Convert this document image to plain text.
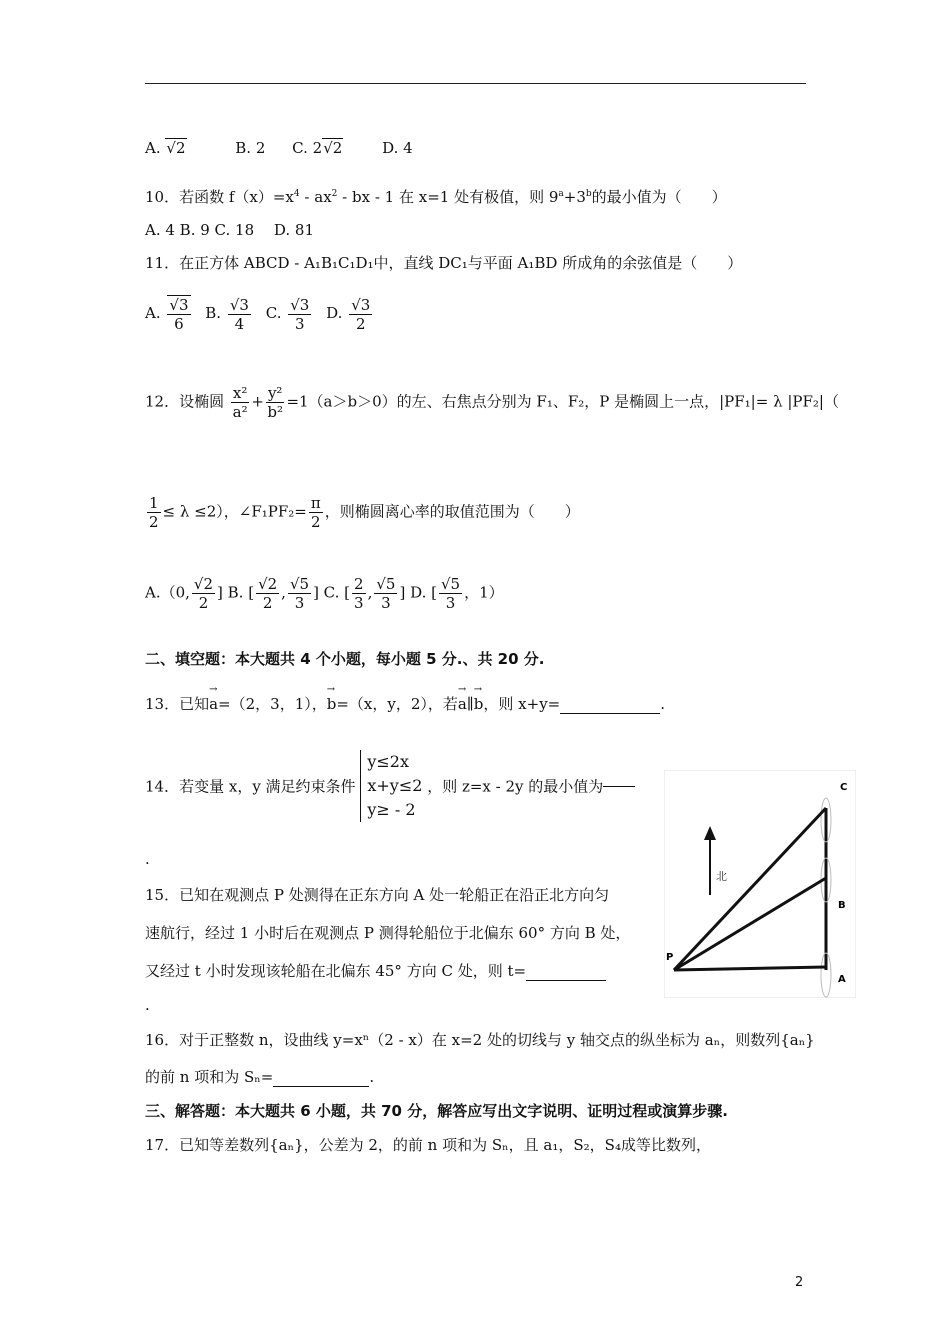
A. √2	B. 2 C. 2√2	D. 4
10．若函数 $f(x)=x^4 - ax^2$ - bx - 1 在 x=1 处有极值，则 $9^a+3^b$的最小值为（　　）
A. 4 B. 9 C. 18　 D. 81
11．在正方体 ABCD - A₁B₁C₁D₁中，直线 DC₁与平面 A₁BD 所成角的余弦值是（　　）
A. $\frac{√3}{6} B$. $\frac{√3}{4} C$. $\frac{√3}{3} D$. $\frac{√3}{2}$
12．设椭圆 $\frac{\text{x²}}{\text{a²}} + \frac{\text{y²}}{\text{b²}} =1(a>b>0)$的左、右焦点分别为 F₁、F₂，P 是椭圆上一点，|PF₁|= λ |PF₂|（
$\frac{1}{2} \le \lambda \le 2$），∠F₁PF₂= $\frac{\pi}{2}$ ，则椭圆离心率的取值范围为（　　）
A.（0, $\frac{√2}{2}$ ] B. [ $\frac{√2}{2}$ , $\frac{√5}{3}$ ] C. [ $\frac{2}{3}$ , $\frac{√5}{3}$ ] D. [ $\frac{√5}{3}$ ，1）
二、填空题：本大题共 4 个小题，每小题 5 分.、共 20 分.
13．已知→ a=（2，3，1），→ b=（x，y，2），若→ a∥→ b，则 x+y=	.
14．若变量 x，y 满足约束条件
y≤2x
x+y≤2
y≥ - 2
，则 z=x - 2y 的最小值为
.
15．已知在观测点 P 处测得在正东方向 A 处一轮船正在沿正北方向匀
速航行，经过 1 小时后在观测点 P 测得轮船位于北偏东 60° 方向 B 处，
又经过 t 小时发现该轮船在北偏东 45° 方向 C 处，则 t=
.
北
C
B
A
P
16．对于正整数 n，设曲线 y=xⁿ（2 - x）在 x=2 处的切线与 y 轴交点的纵坐标为 aₙ，则数列{aₙ}
的前 n 项和为 Sₙ=	.
三、解答题：本大题共 6 小题，共 70 分，解答应写出文字说明、证明过程或演算步骤.
17．已知等差数列{aₙ}，公差为 2，的前 n 项和为 Sₙ，且 a₁，S₂，S₄成等比数列，
2
